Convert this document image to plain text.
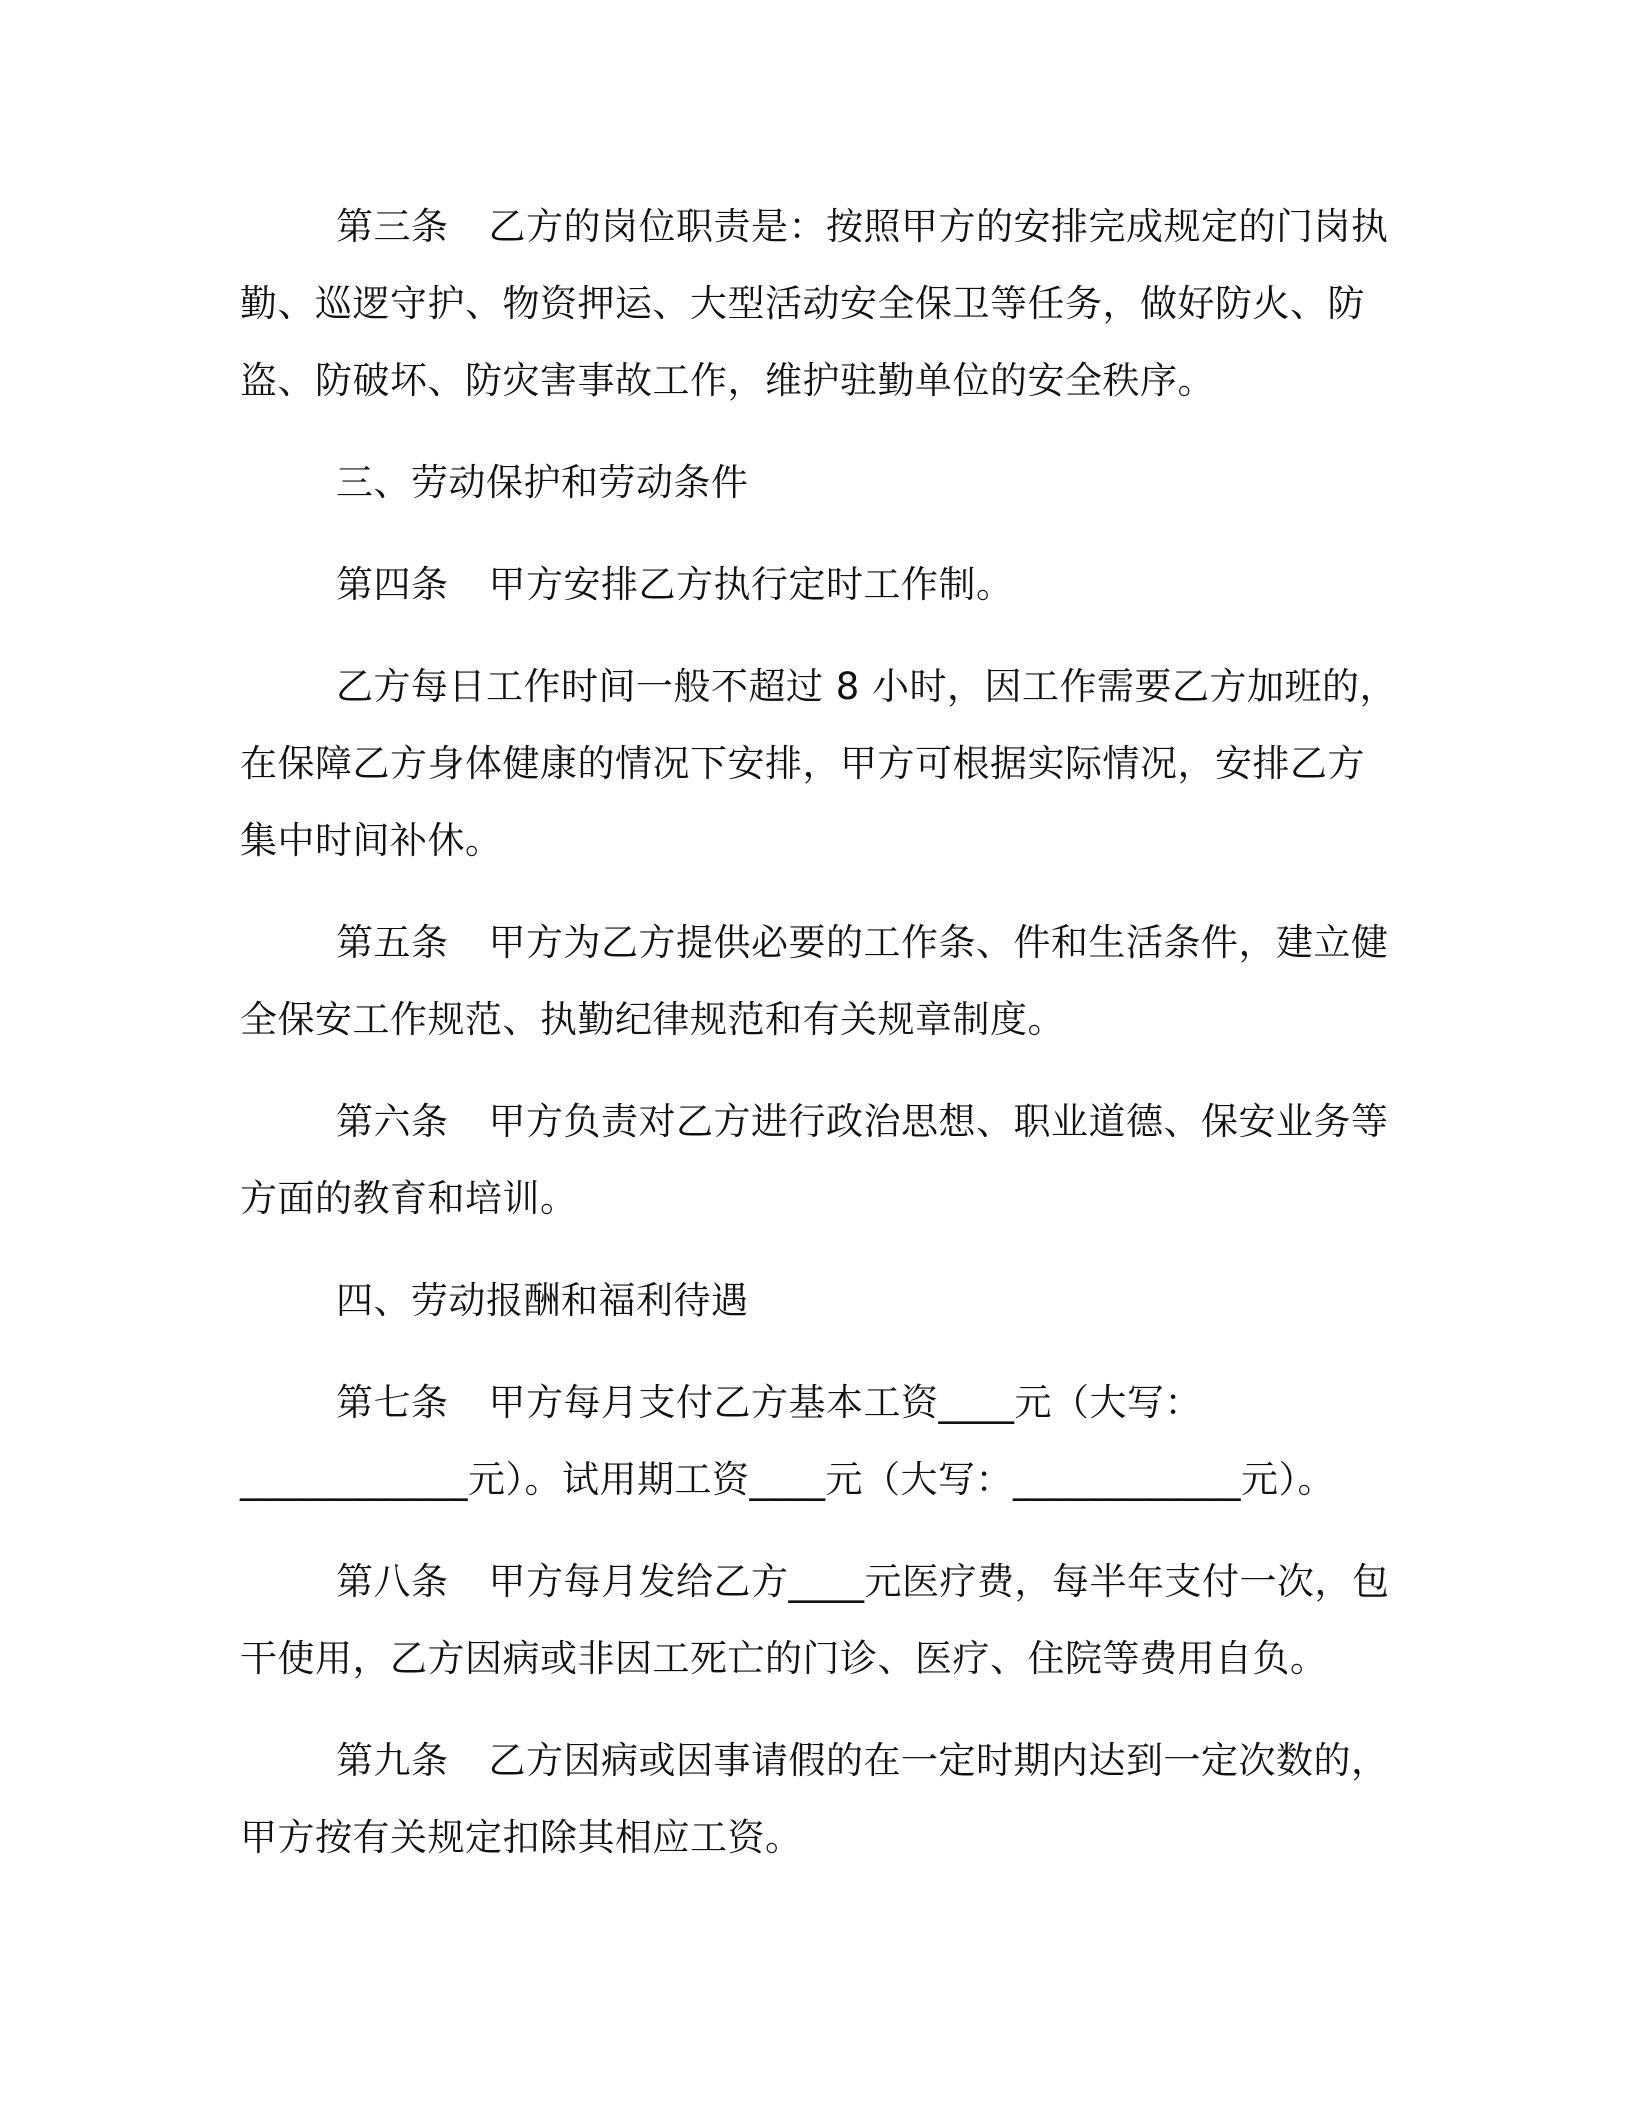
第三条 乙方的岗位职责是：按照甲方的安排完成规定的门岗执勤、巡逻守护、物资押运、大型活动安全保卫等任务，做好防火、防盗、防破坏、防灾害事故工作，维护驻勤单位的安全秩序。

三、劳动保护和劳动条件

第四条 甲方安排乙方执行定时工作制。

乙方每日工作时间一般不超过 8 小时，因工作需要乙方加班的，在保障乙方身体健康的情况下安排，甲方可根据实际情况，安排乙方集中时间补休。

第五条 甲方为乙方提供必要的工作条、件和生活条件，建立健全保安工作规范、执勤纪律规范和有关规章制度。

第六条 甲方负责对乙方进行政治思想、职业道德、保安业务等方面的教育和培训。

四、劳动报酬和福利待遇

第七条 甲方每月支付乙方基本工资____元（大写：____________元）。试用期工资____元（大写：____________元）。

第八条 甲方每月发给乙方____元医疗费，每半年支付一次，包干使用，乙方因病或非因工死亡的门诊、医疗、住院等费用自负。

第九条 乙方因病或因事请假的在一定时期内达到一定次数的，甲方按有关规定扣除其相应工资。
